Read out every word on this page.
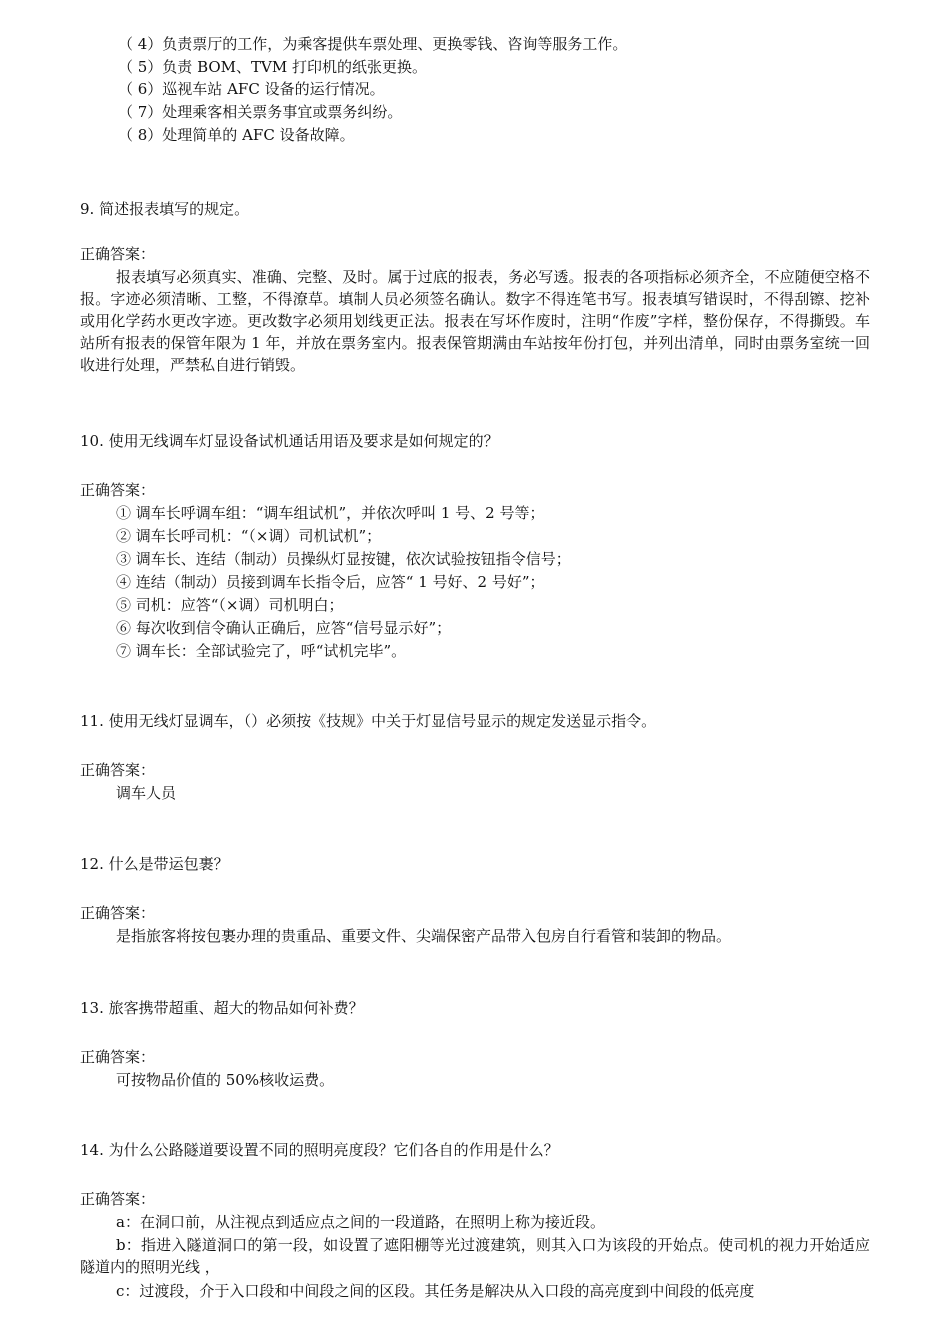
（ 4）负责票厅的工作，为乘客提供车票处理、更换零钱、咨询等服务工作。
（ 5）负责 BOM、TVM 打印机的纸张更换。
（ 6）巡视车站 AFC 设备的运行情况。
（ 7）处理乘客相关票务事宜或票务纠纷。
（ 8）处理简单的 AFC 设备故障。
9. 简述报表填写的规定。
正确答案：
报表填写必须真实、准确、完整、及时。属于过底的报表，务必写透。报表的各项指标必须齐全，不应随便空格不报。字迹必须清晰、工整，不得潦草。填制人员必须签名确认。数字不得连笔书写。报表填写错误时，不得刮镲、挖补或用化学药水更改字迹。更改数字必须用划线更正法。报表在写坏作废时，注明“作废”字样，整份保存，不得撕毁。车站所有报表的保管年限为 1 年，并放在票务室内。报表保管期满由车站按年份打包，并列出清单，同时由票务室统一回收进行处理，严禁私自进行销毁。
10. 使用无线调车灯显设备试机通话用语及要求是如何规定的？
正确答案：
① 调车长呼调车组：“调车组试机”，并依次呼叫 1 号、2 号等；
② 调车长呼司机：“（×调）司机试机”；
③ 调车长、连结（制动）员操纵灯显按键，依次试验按钮指令信号；
④ 连结（制动）员接到调车长指令后，应答“ 1 号好、2 号好”；
⑤ 司机：应答“（×调）司机明白；
⑥ 每次收到信令确认正确后，应答“信号显示好”；
⑦ 调车长：全部试验完了，呼“试机完毕”。
11. 使用无线灯显调车，（）必须按《技规》中关于灯显信号显示的规定发送显示指令。
正确答案：
调车人员
12. 什么是带运包裹？
正确答案：
是指旅客将按包裹办理的贵重品、重要文件、尖端保密产品带入包房自行看管和装卸的物品。
13. 旅客携带超重、超大的物品如何补费？
正确答案：
可按物品价值的 50%核收运费。
14. 为什么公路隧道要设置不同的照明亮度段？它们各自的作用是什么？
正确答案：
a：在洞口前，从注视点到适应点之间的一段道路，在照明上称为接近段。
b：指进入隧道洞口的第一段，如设置了遮阳棚等光过渡建筑，则其入口为该段的开始点。使司机的视力开始适应隧道内的照明光线 ，
c：过渡段，介于入口段和中间段之间的区段。其任务是解决从入口段的高亮度到中间段的低亮度
